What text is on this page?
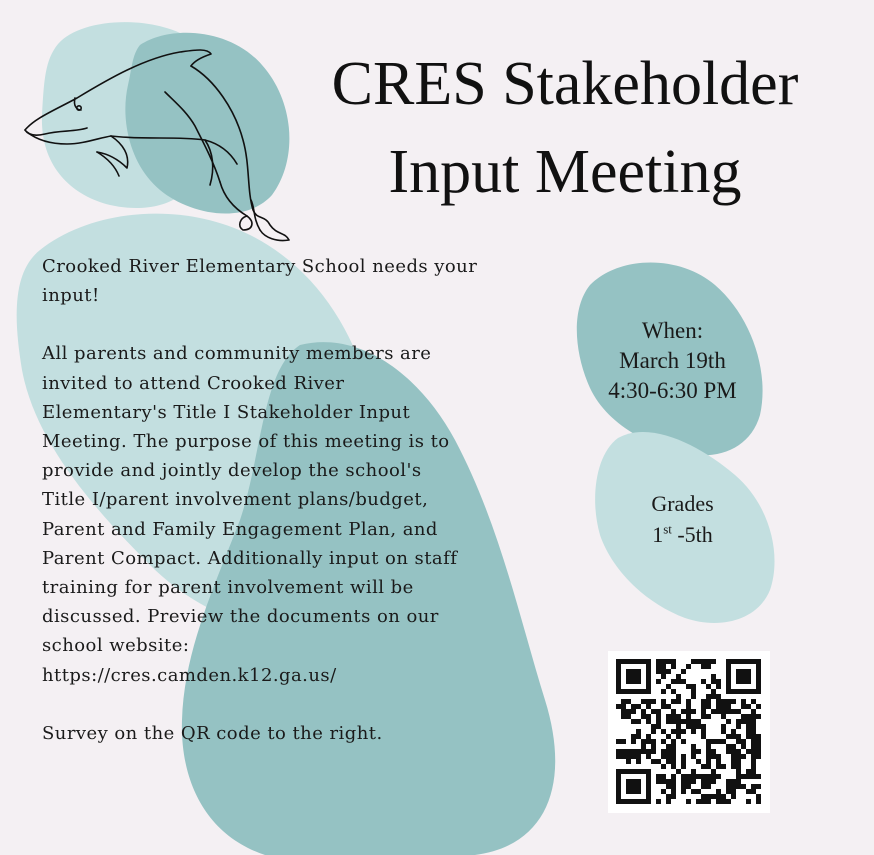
CRES Stakeholder
Input Meeting

Crooked River Elementary School needs your input!

All parents and community members are

invited to attend Crooked River

Elementary's Title I Stakeholder Input

Meeting. The purpose of this meeting is to

provide and jointly develop the school's

Title I/parent involvement plans/budget,

Parent and Family Engagement Plan, and

Parent Compact. Additionally input on staff

training for parent involvement will be

discussed. Preview the documents on our

school website:

https://cres.camden.k12.ga.us/

Survey on the QR code to the right.

When:
March 19th
4:30-6:30 PM
Grades
1st -5th
